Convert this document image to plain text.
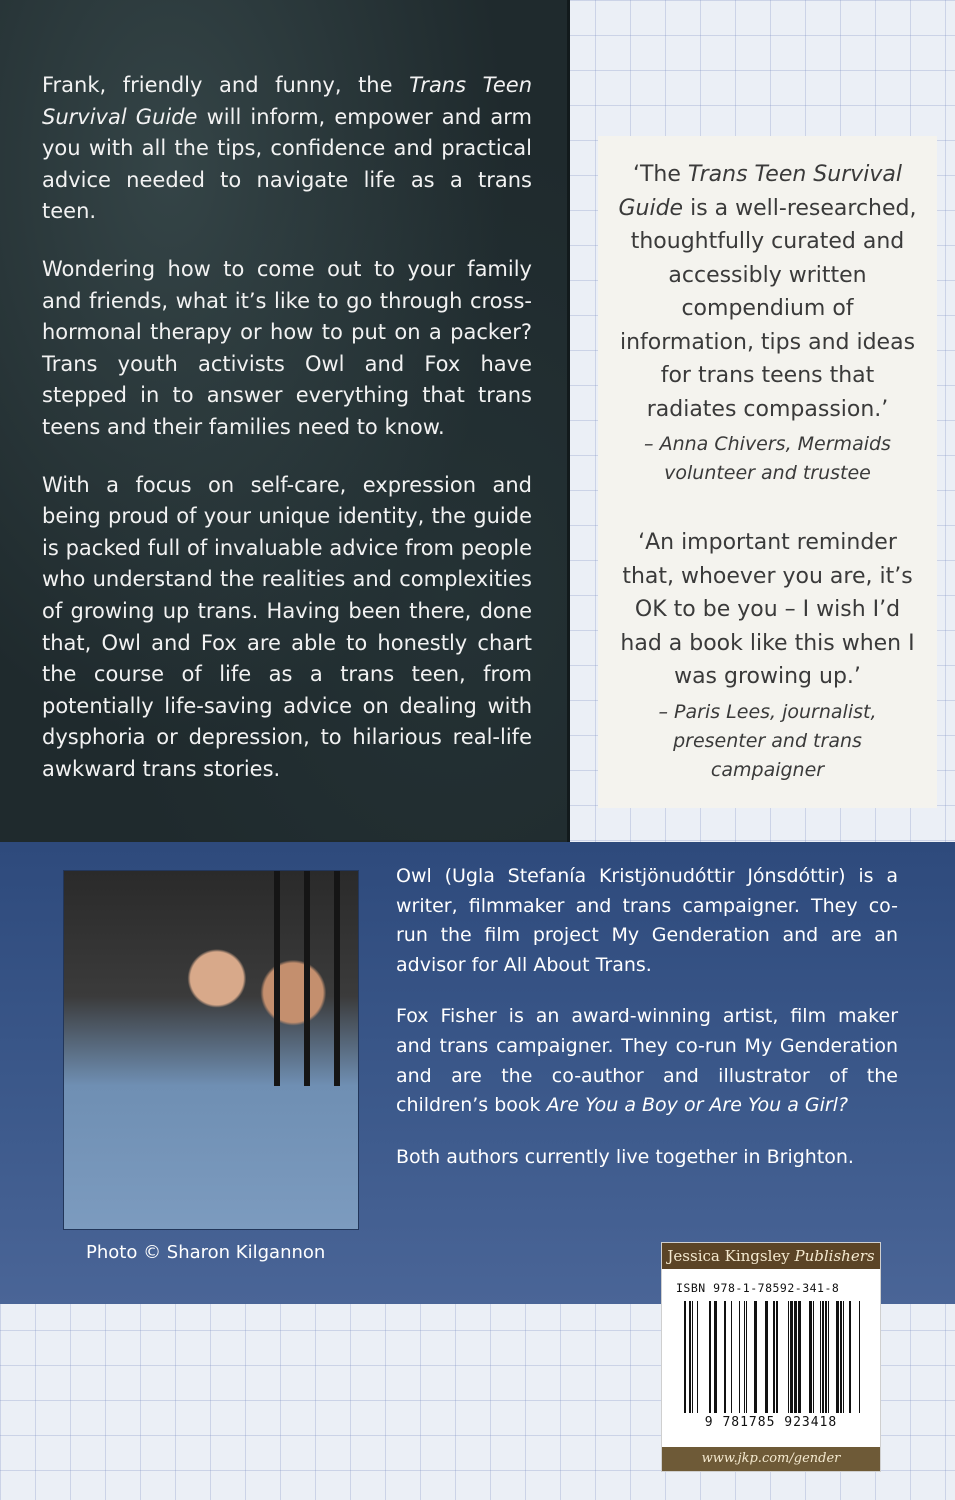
Frank, friendly and funny, the Trans Teen Survival Guide will inform, empower and arm you with all the tips, confidence and practical advice needed to navigate life as a trans teen.

Wondering how to come out to your family and friends, what it’s like to go through cross-hormonal therapy or how to put on a packer? Trans youth activists Owl and Fox have stepped in to answer everything that trans teens and their families need to know.

With a focus on self-care, expression and being proud of your unique identity, the guide is packed full of invaluable advice from people who understand the realities and complexities of growing up trans. Having been there, done that, Owl and Fox are able to honestly chart the course of life as a trans teen, from potentially life-saving advice on dealing with dysphoria or depression, to hilarious real-life awkward trans stories.

‘The Trans Teen Survival Guide is a well-researched, thoughtfully curated and accessibly written compendium of information, tips and ideas for trans teens that radiates compassion.’
– Anna Chivers, Mermaids volunteer and trustee
‘An important reminder that, whoever you are, it’s OK to be you – I wish I’d had a book like this when I was growing up.’
– Paris Lees, journalist, presenter and trans campaigner
Photo © Sharon Kilgannon

Owl (Ugla Stefanía Kristjönudóttir Jónsdóttir) is a writer, filmmaker and trans campaigner. They co-run the film project My Genderation and are an advisor for All About Trans.

Fox Fisher is an award-winning artist, film maker and trans campaigner. They co-run My Genderation and are the co-author and illustrator of the children’s book Are You a Boy or Are You a Girl?

Both authors currently live together in Brighton.

Jessica Kingsley Publishers
ISBN 978-1-78592-341-8
9 781785 923418
www.jkp.com/gender
